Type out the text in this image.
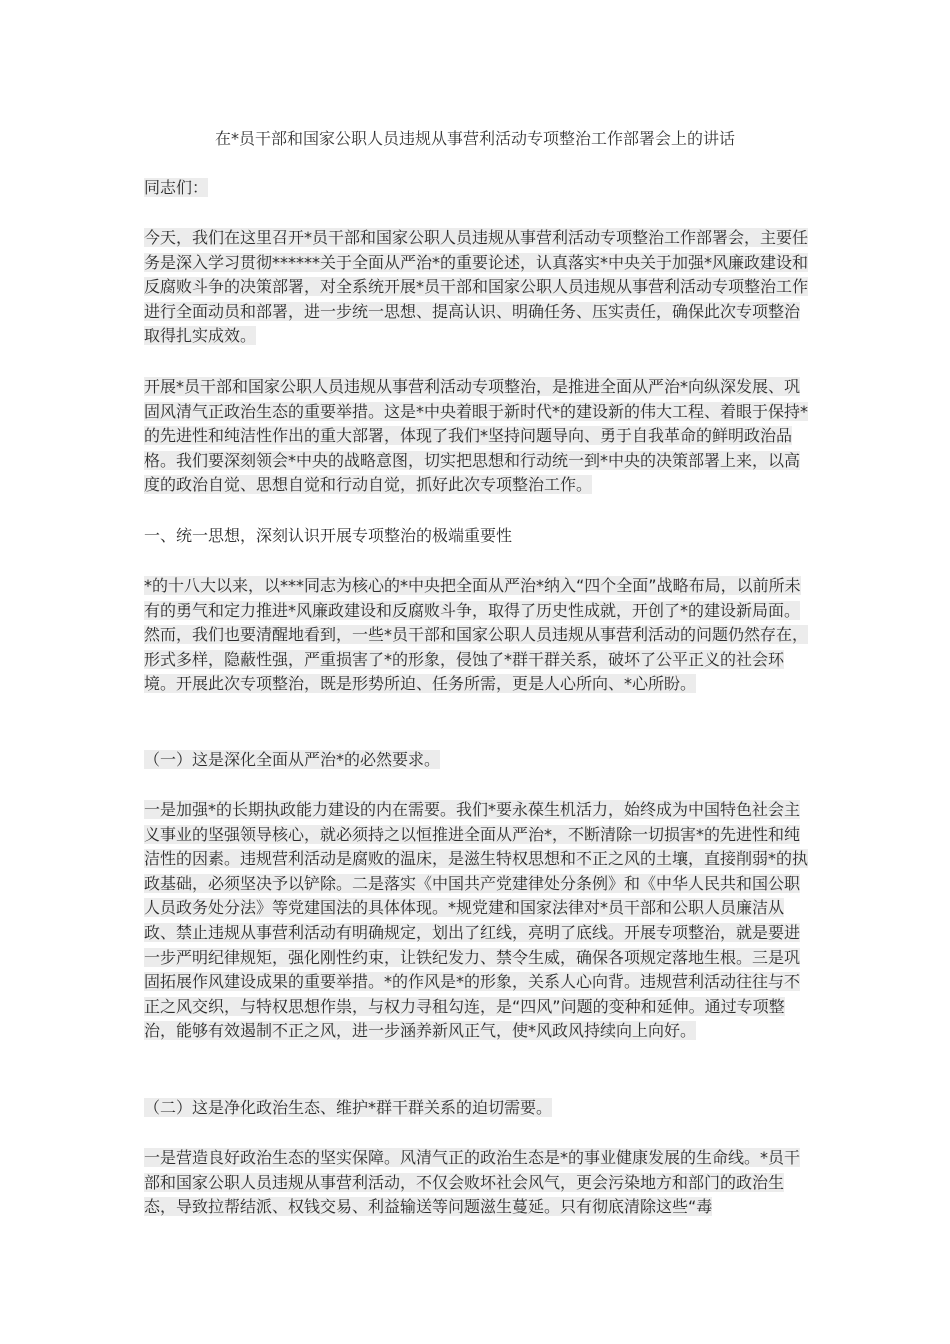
在*员干部和国家公职人员违规从事营利活动专项整治工作部署会上的讲话

同志们：

今天，我们在这里召开*员干部和国家公职人员违规从事营利活动专项整治工作部署会，主要任务是深入学习贯彻******关于全面从严治*的重要论述，认真落实*中央关于加强*风廉政建设和反腐败斗争的决策部署，对全系统开展*员干部和国家公职人员违规从事营利活动专项整治工作进行全面动员和部署，进一步统一思想、提高认识、明确任务、压实责任，确保此次专项整治取得扎实成效。

开展*员干部和国家公职人员违规从事营利活动专项整治，是推进全面从严治*向纵深发展、巩固风清气正政治生态的重要举措。这是*中央着眼于新时代*的建设新的伟大工程、着眼于保持*的先进性和纯洁性作出的重大部署，体现了我们*坚持问题导向、勇于自我革命的鲜明政治品格。我们要深刻领会*中央的战略意图，切实把思想和行动统一到*中央的决策部署上来，以高度的政治自觉、思想自觉和行动自觉，抓好此次专项整治工作。

一、统一思想，深刻认识开展专项整治的极端重要性

*的十八大以来，以***同志为核心的*中央把全面从严治*纳入“四个全面”战略布局，以前所未有的勇气和定力推进*风廉政建设和反腐败斗争，取得了历史性成就，开创了*的建设新局面。然而，我们也要清醒地看到，一些*员干部和国家公职人员违规从事营利活动的问题仍然存在，形式多样，隐蔽性强，严重损害了*的形象，侵蚀了*群干群关系，破坏了公平正义的社会环境。开展此次专项整治，既是形势所迫、任务所需，更是人心所向、*心所盼。

（一）这是深化全面从严治*的必然要求。

一是加强*的长期执政能力建设的内在需要。我们*要永葆生机活力，始终成为中国特色社会主义事业的坚强领导核心，就必须持之以恒推进全面从严治*，不断清除一切损害*的先进性和纯洁性的因素。违规营利活动是腐败的温床，是滋生特权思想和不正之风的土壤，直接削弱*的执政基础，必须坚决予以铲除。二是落实《中国共产党建律处分条例》和《中华人民共和国公职人员政务处分法》等党建国法的具体体现。*规党建和国家法律对*员干部和公职人员廉洁从政、禁止违规从事营利活动有明确规定，划出了红线，亮明了底线。开展专项整治，就是要进一步严明纪律规矩，强化刚性约束，让铁纪发力、禁令生威，确保各项规定落地生根。三是巩固拓展作风建设成果的重要举措。*的作风是*的形象，关系人心向背。违规营利活动往往与不正之风交织，与特权思想作祟，与权力寻租勾连，是“四风”问题的变种和延伸。通过专项整治，能够有效遏制不正之风，进一步涵养新风正气，使*风政风持续向上向好。

（二）这是净化政治生态、维护*群干群关系的迫切需要。

一是营造良好政治生态的坚实保障。风清气正的政治生态是*的事业健康发展的生命线。*员干部和国家公职人员违规从事营利活动，不仅会败坏社会风气，更会污染地方和部门的政治生态，导致拉帮结派、权钱交易、利益输送等问题滋生蔓延。只有彻底清除这些“毒
